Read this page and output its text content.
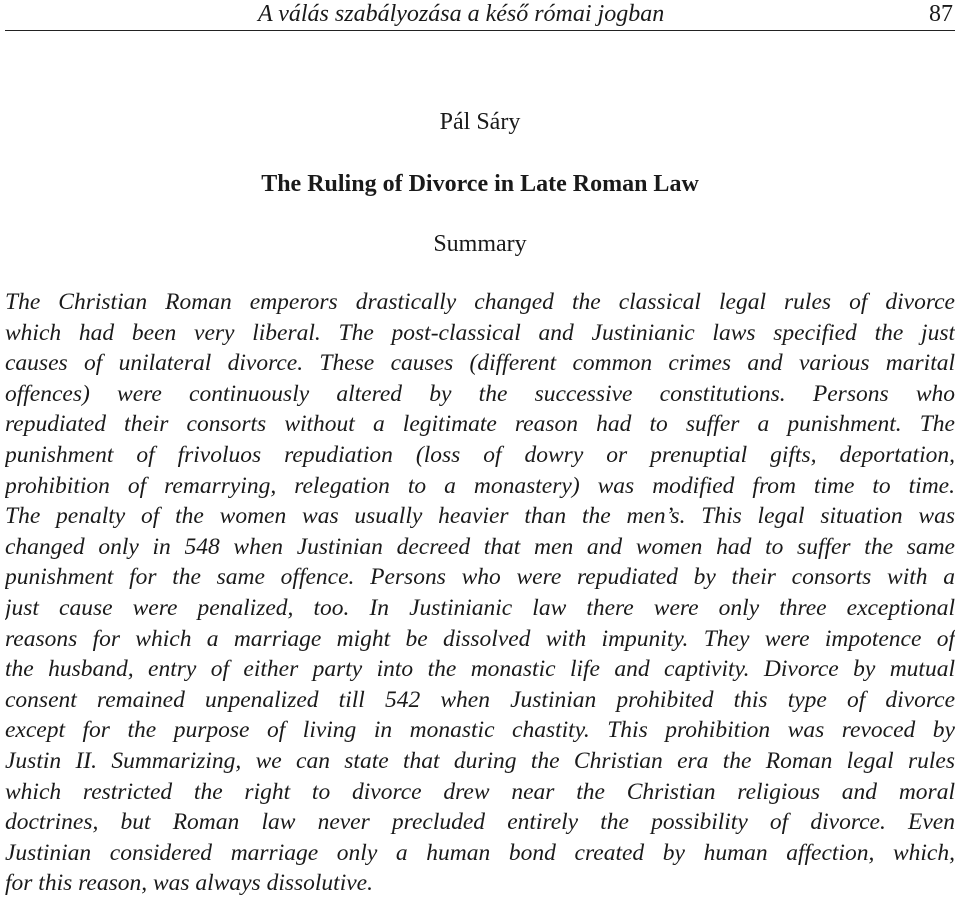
A válás szabályozása a késő római jogban	87
Pál Sáry
The Ruling of Divorce in Late Roman Law
Summary
The Christian Roman emperors drastically changed the classical legal rules of divorce
which had been very liberal. The post-classical and Justinianic laws specified the just
causes of unilateral divorce. These causes (different common crimes and various marital
offences) were continuously altered by the successive constitutions. Persons who
repudiated their consorts without a legitimate reason had to suffer a punishment. The
punishment of frivoluos repudiation (loss of dowry or prenuptial gifts, deportation,
prohibition of remarrying, relegation to a monastery) was modified from time to time.
The penalty of the women was usually heavier than the men’s. This legal situation was
changed only in 548 when Justinian decreed that men and women had to suffer the same
punishment for the same offence. Persons who were repudiated by their consorts with a
just cause were penalized, too. In Justinianic law there were only three exceptional
reasons for which a marriage might be dissolved with impunity. They were impotence of
the husband, entry of either party into the monastic life and captivity. Divorce by mutual
consent remained unpenalized till 542 when Justinian prohibited this type of divorce
except for the purpose of living in monastic chastity. This prohibition was revoced by
Justin II. Summarizing, we can state that during the Christian era the Roman legal rules
which restricted the right to divorce drew near the Christian religious and moral
doctrines, but Roman law never precluded entirely the possibility of divorce. Even
Justinian considered marriage only a human bond created by human affection, which,
for this reason, was always dissolutive.
